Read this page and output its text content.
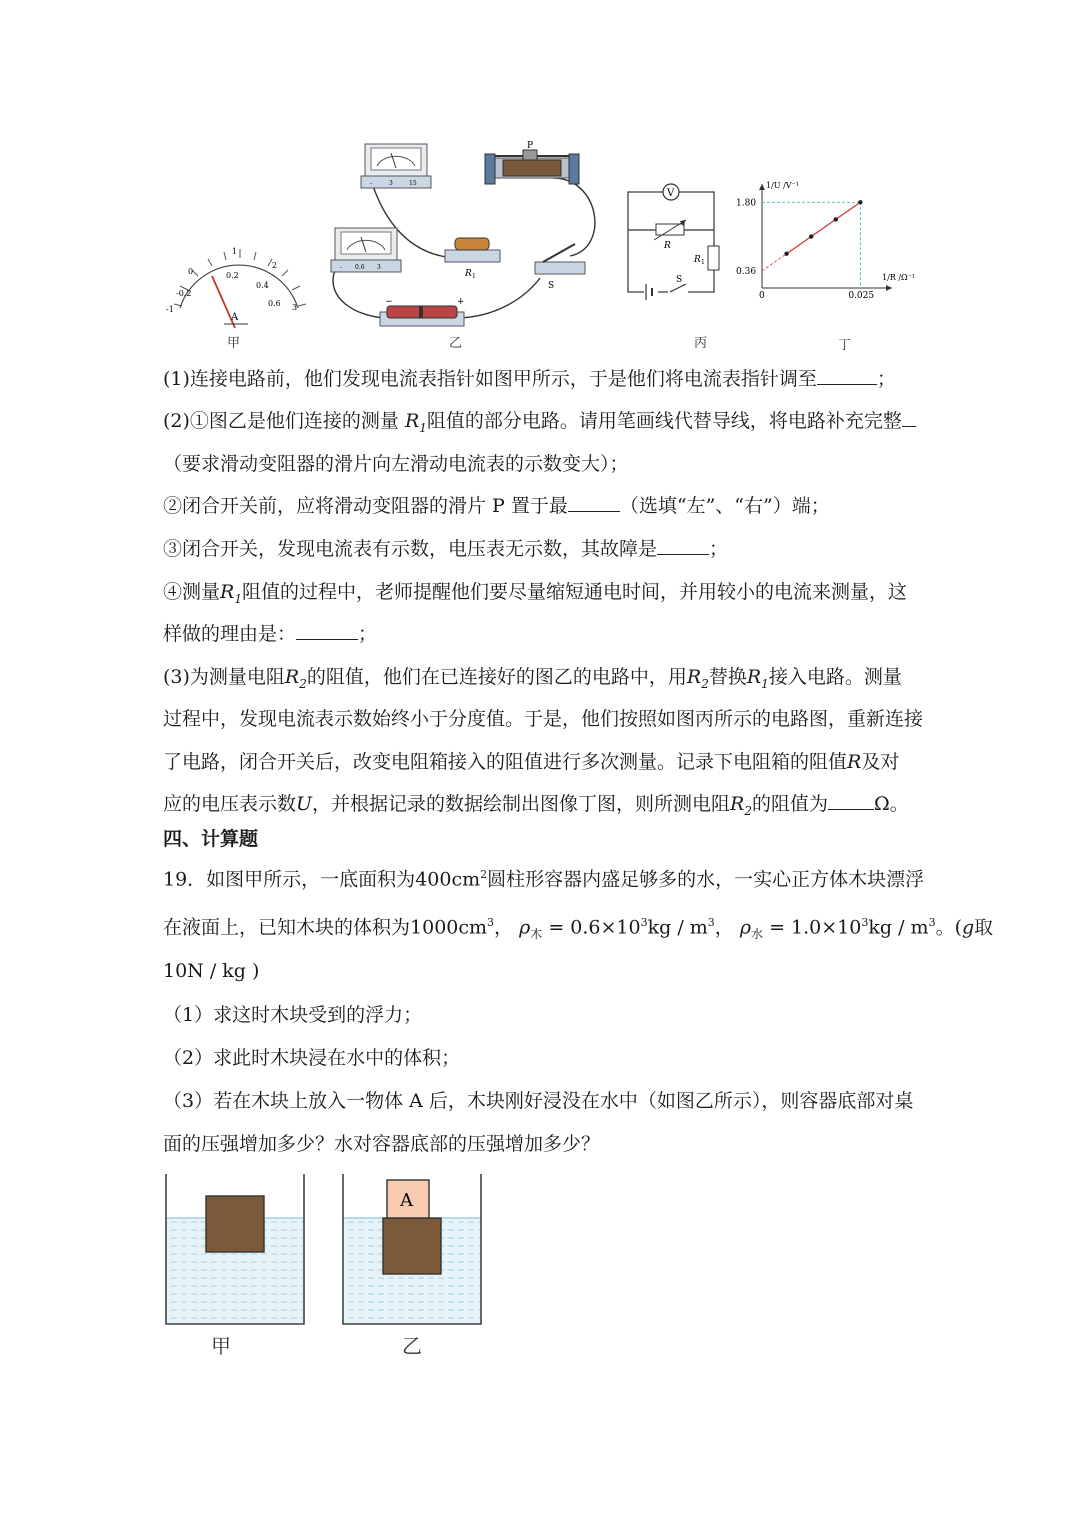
-1
-0.2
0	0.2
1
0.4
2
0.6 3
A
甲
-	3	15
P
- 0.6 3
R 1
S
−	+
乙
V
R
R 1
S
丙
1/U /V⁻¹
1/R /Ω⁻¹
1.80
0.36
0	0.025
丁
(1)连接电路前，他们发现电流表指针如图甲所示，于是他们将电流表指针调至	；
(2)①图乙是他们连接的测量 $R_1$阻值的部分电路。请用笔画线代替导线，将电路补充完整
（要求滑动变阻器的滑片向左滑动电流表的示数变大）；
②闭合开关前，应将滑动变阻器的滑片 P 置于最	（选填“左”、“右”）端；
③闭合开关，发现电流表有示数，电压表无示数，其故障是	；
④测量$R_1$阻值的过程中，老师提醒他们要尽量缩短通电时间，并用较小的电流来测量，这
样做的理由是：	；
(3)为测量电阻$R_2$的阻值，他们在已连接好的图乙的电路中，用$R_2$替换$R_1$接入电路。测量
过程中，发现电流表示数始终小于分度值。于是，他们按照如图丙所示的电路图，重新连接
了电路，闭合开关后，改变电阻箱接入的阻值进行多次测量。记录下电阻箱的阻值R及对
应的电压表示数U，并根据记录的数据绘制出图像丁图，则所测电阻$R_2$的阻值为 Ω。
四、计算题
19．如图甲所示，一底面积为$400cm^2$圆柱形容器内盛足够多的水，一实心正方体木块漂浮
在液面上，已知木块的体积为$1000cm^3$， $\rho_木 = 0.6\times 10^3kg / m^3$， $\rho_水 = 1.0\times 10^3kg / m^3$。(g取
10N / kg )
（1）求这时木块受到的浮力；
（2）求此时木块浸在水中的体积；
（3）若在木块上放入一物体 A 后，木块刚好浸没在水中（如图乙所示），则容器底部对桌
面的压强增加多少？水对容器底部的压强增加多少？
甲
A
乙
